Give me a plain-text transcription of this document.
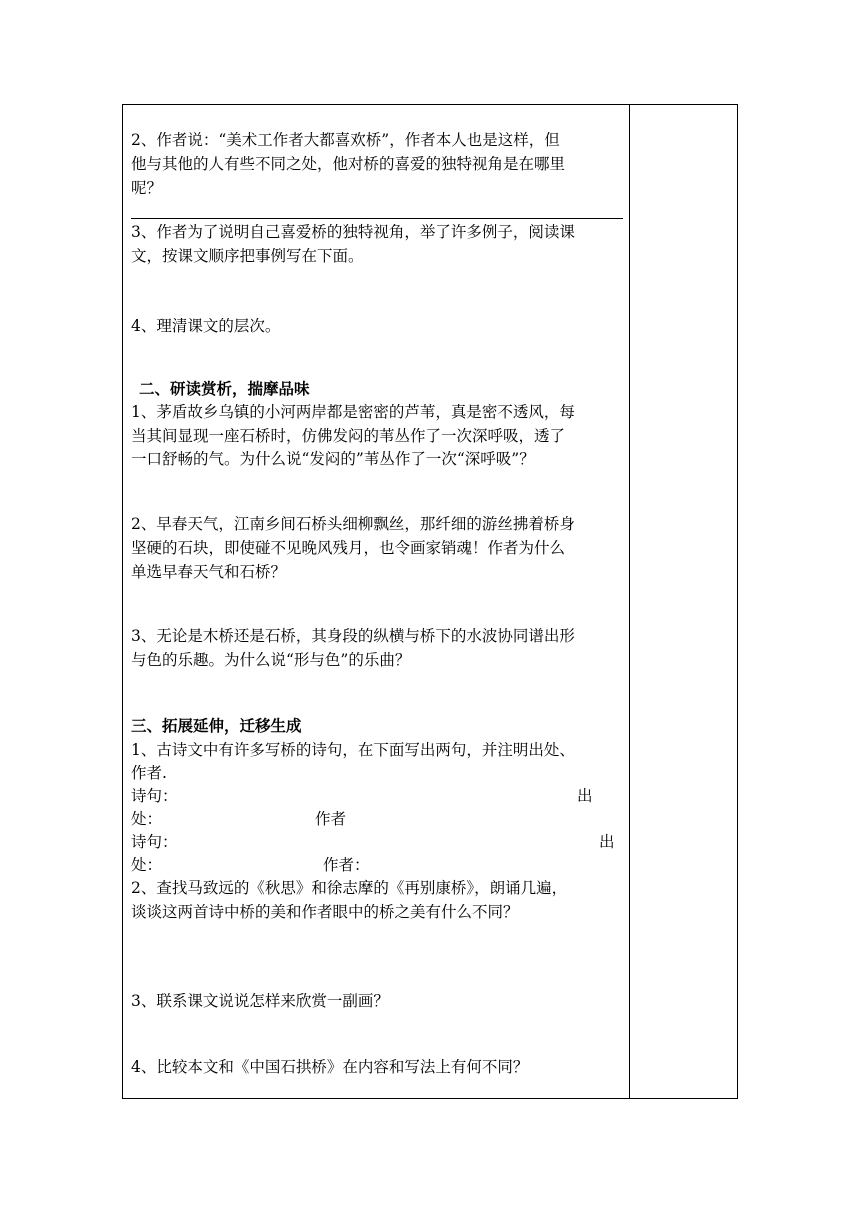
2、作者说：“美术工作者大都喜欢桥”，作者本人也是这样，但
他与其他的人有些不同之处，他对桥的喜爱的独特视角是在哪里
呢？
3、作者为了说明自己喜爱桥的独特视角，举了许多例子，阅读课
文，按课文顺序把事例写在下面。
4、理清课文的层次。
二、研读赏析，揣摩品味
1、茅盾故乡乌镇的小河两岸都是密密的芦苇，真是密不透风，每
当其间显现一座石桥时，仿佛发闷的苇丛作了一次深呼吸，透了
一口舒畅的气。为什么说“发闷的”苇丛作了一次“深呼吸”？
2、早春天气，江南乡间石桥头细柳飘丝，那纤细的游丝拂着桥身
坚硬的石块，即使碰不见晚风残月，也令画家销魂！作者为什么
单选早春天气和石桥？
3、无论是木桥还是石桥，其身段的纵横与桥下的水波协同谱出形
与色的乐趣。为什么说“形与色”的乐曲？
三、拓展延伸，迁移生成
1、古诗文中有许多写桥的诗句，在下面写出两句，并注明出处、
作者.
诗句：	出
处：	作者
诗句：	出
处：	作者：
2、查找马致远的《秋思》和徐志摩的《再别康桥》，朗诵几遍，
谈谈这两首诗中桥的美和作者眼中的桥之美有什么不同？
3、联系课文说说怎样来欣赏一副画？
4、比较本文和《中国石拱桥》在内容和写法上有何不同？
